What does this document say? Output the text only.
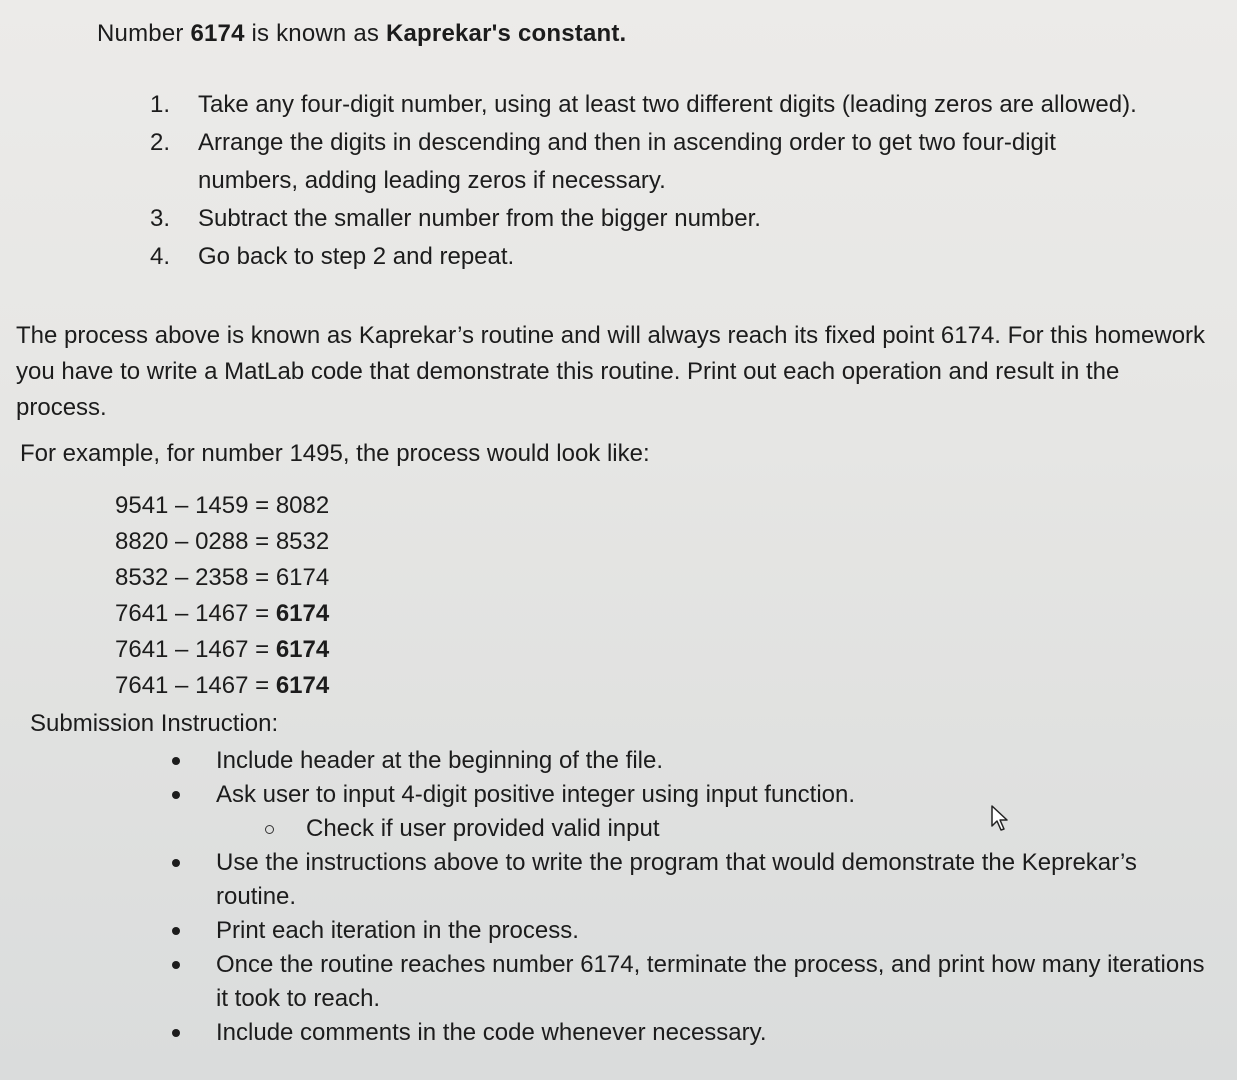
Number 6174 is known as Kaprekar's constant.
1. Take any four-digit number, using at least two different digits (leading zeros are allowed).
2. Arrange the digits in descending and then in ascending order to get two four-digit numbers, adding leading zeros if necessary.
3. Subtract the smaller number from the bigger number.
4. Go back to step 2 and repeat.
The process above is known as Kaprekar’s routine and will always reach its fixed point 6174. For this homework you have to write a MatLab code that demonstrate this routine. Print out each operation and result in the process.
For example, for number 1495, the process would look like:
9541 – 1459 = 8082
8820 – 0288 = 8532
8532 – 2358 = 6174
7641 – 1467 = 6174
7641 – 1467 = 6174
7641 – 1467 = 6174
Submission Instruction:
Include header at the beginning of the file.
Ask user to input 4-digit positive integer using input function.
Check if user provided valid input
Use the instructions above to write the program that would demonstrate the Keprekar’s routine.
Print each iteration in the process.
Once the routine reaches number 6174, terminate the process, and print how many iterations it took to reach.
Include comments in the code whenever necessary.
